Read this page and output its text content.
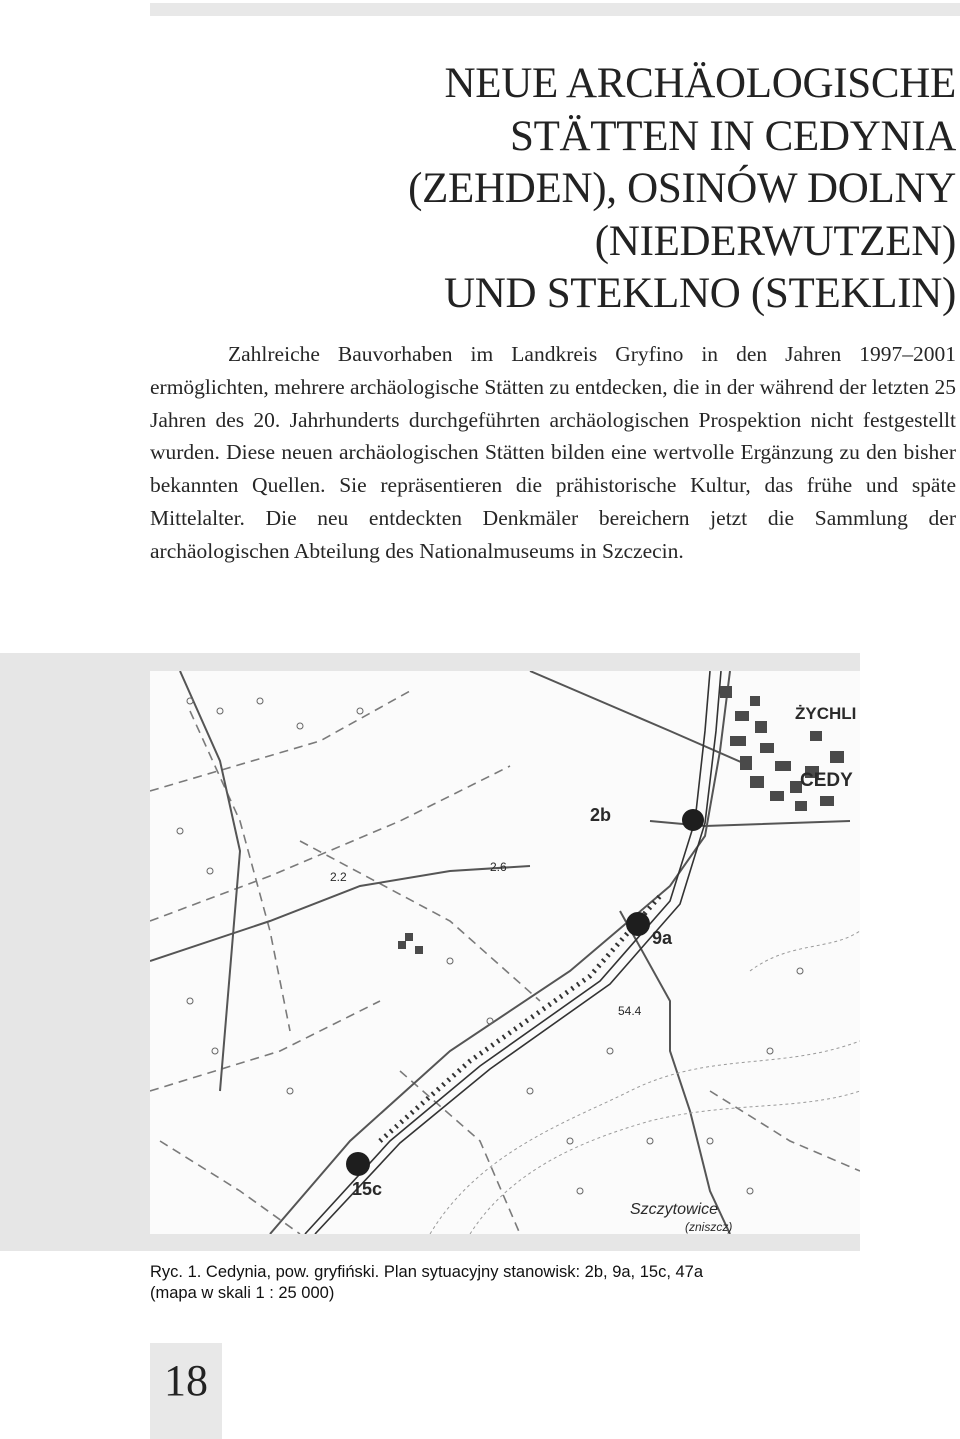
NEUE ARCHÄOLOGISCHE
STÄTTEN IN CEDYNIA
(ZEHDEN), OSINÓW DOLNY
(NIEDERWUTZEN)
UND STEKLNO (STEKLIN)

Zahlreiche Bauvorhaben im Landkreis Gryfino in den Jahren 1997–2001 ermöglichten, mehrere archäologische Stätten zu entdecken, die in der während der letzten 25 Jahren des 20. Jahrhunderts durchgeführten archäologischen Prospektion nicht festgestellt wurden. Diese neuen archäologischen Stätten bilden eine wertvolle Ergänzung zu den bisher bekannten Quellen. Sie repräsentieren die prähistorische Kultur, das frühe und späte Mittelalter. Die neu entdeckten Denkmäler bereichern jetzt die Sammlung der archäologischen Abteilung des Nationalmuseums in Szczecin.

ŻYCHLI
CEDY
2b
9a
15c
2.2
2.6
54.4
Szczytowice
(zniszcz)
Ryc. 1. Cedynia, pow. gryfiński. Plan sytuacyjny stanowisk: 2b, 9a, 15c, 47a
(mapa w skali 1 : 25 000)
18
